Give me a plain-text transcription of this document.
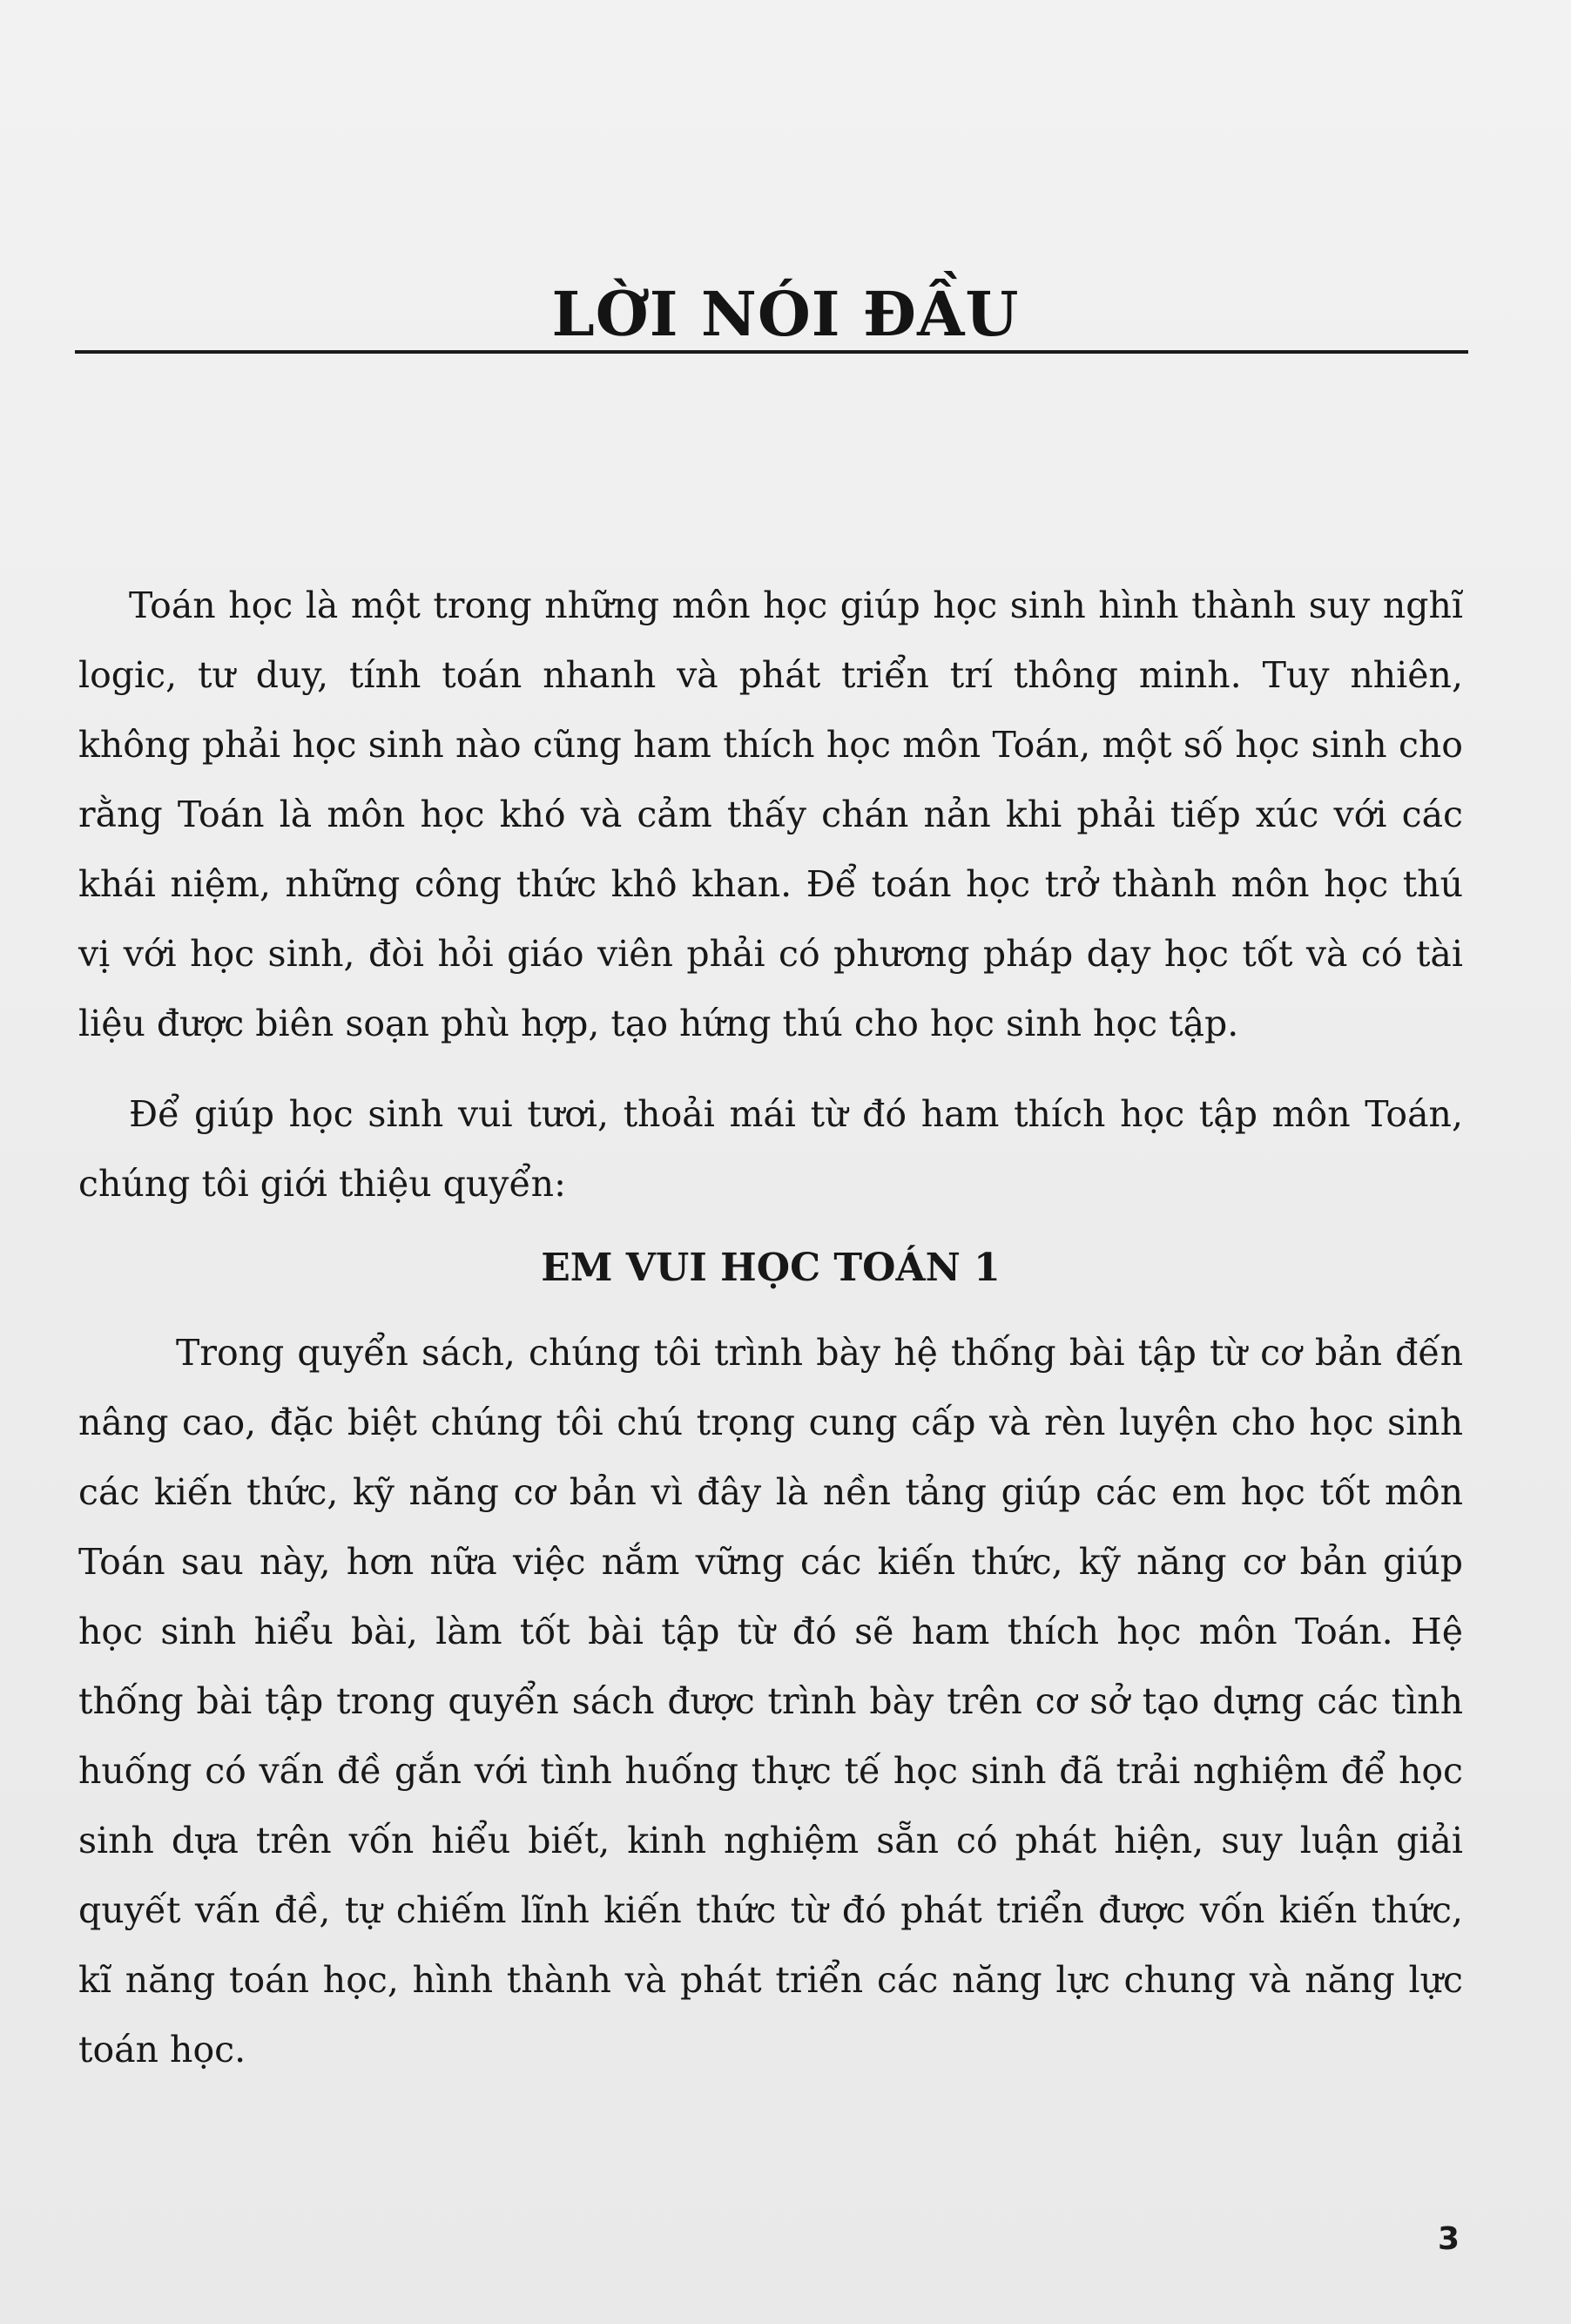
LỜI NÓI ĐẦU

Toán học là một trong những môn học giúp học sinh hình thành suy nghĩ logic, tư duy, tính toán nhanh và phát triển trí thông minh. Tuy nhiên, không phải học sinh nào cũng ham thích học môn Toán, một số học sinh cho rằng Toán là môn học khó và cảm thấy chán nản khi phải tiếp xúc với các khái niệm, những công thức khô khan. Để toán học trở thành môn học thú vị với học sinh, đòi hỏi giáo viên phải có phương pháp dạy học tốt và có tài liệu được biên soạn phù hợp, tạo hứng thú cho học sinh học tập.

Để giúp học sinh vui tươi, thoải mái từ đó ham thích học tập môn Toán, chúng tôi giới thiệu quyển:

EM VUI HỌC TOÁN 1

Trong quyển sách, chúng tôi trình bày hệ thống bài tập từ cơ bản đến nâng cao, đặc biệt chúng tôi chú trọng cung cấp và rèn luyện cho học sinh các kiến thức, kỹ năng cơ bản vì đây là nền tảng giúp các em học tốt môn Toán sau này, hơn nữa việc nắm vững các kiến thức, kỹ năng cơ bản giúp học sinh hiểu bài, làm tốt bài tập từ đó sẽ ham thích học môn Toán. Hệ thống bài tập trong quyển sách được trình bày trên cơ sở tạo dựng các tình huống có vấn đề gắn với tình huống thực tế học sinh đã trải nghiệm để học sinh dựa trên vốn hiểu biết, kinh nghiệm sẵn có phát hiện, suy luận giải quyết vấn đề, tự chiếm lĩnh kiến thức từ đó phát triển được vốn kiến thức, kĩ năng toán học, hình thành và phát triển các năng lực chung và năng lực toán học.

3
